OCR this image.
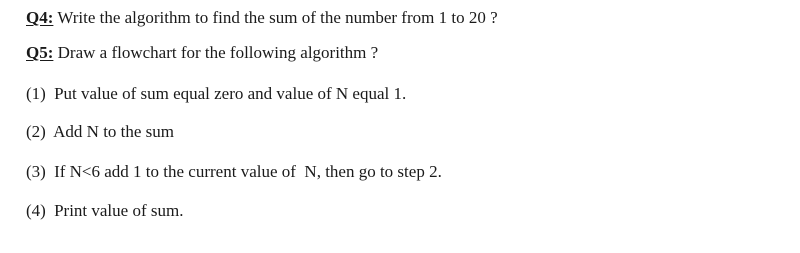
Q4: Write the algorithm to find the sum of the number from 1 to 20 ?
Q5: Draw a flowchart for the following algorithm ?
(1) Put value of sum equal zero and value of N equal 1.
(2) Add N to the sum
(3) If N<6 add 1 to the current value of  N, then go to step 2.
(4) Print value of sum.
